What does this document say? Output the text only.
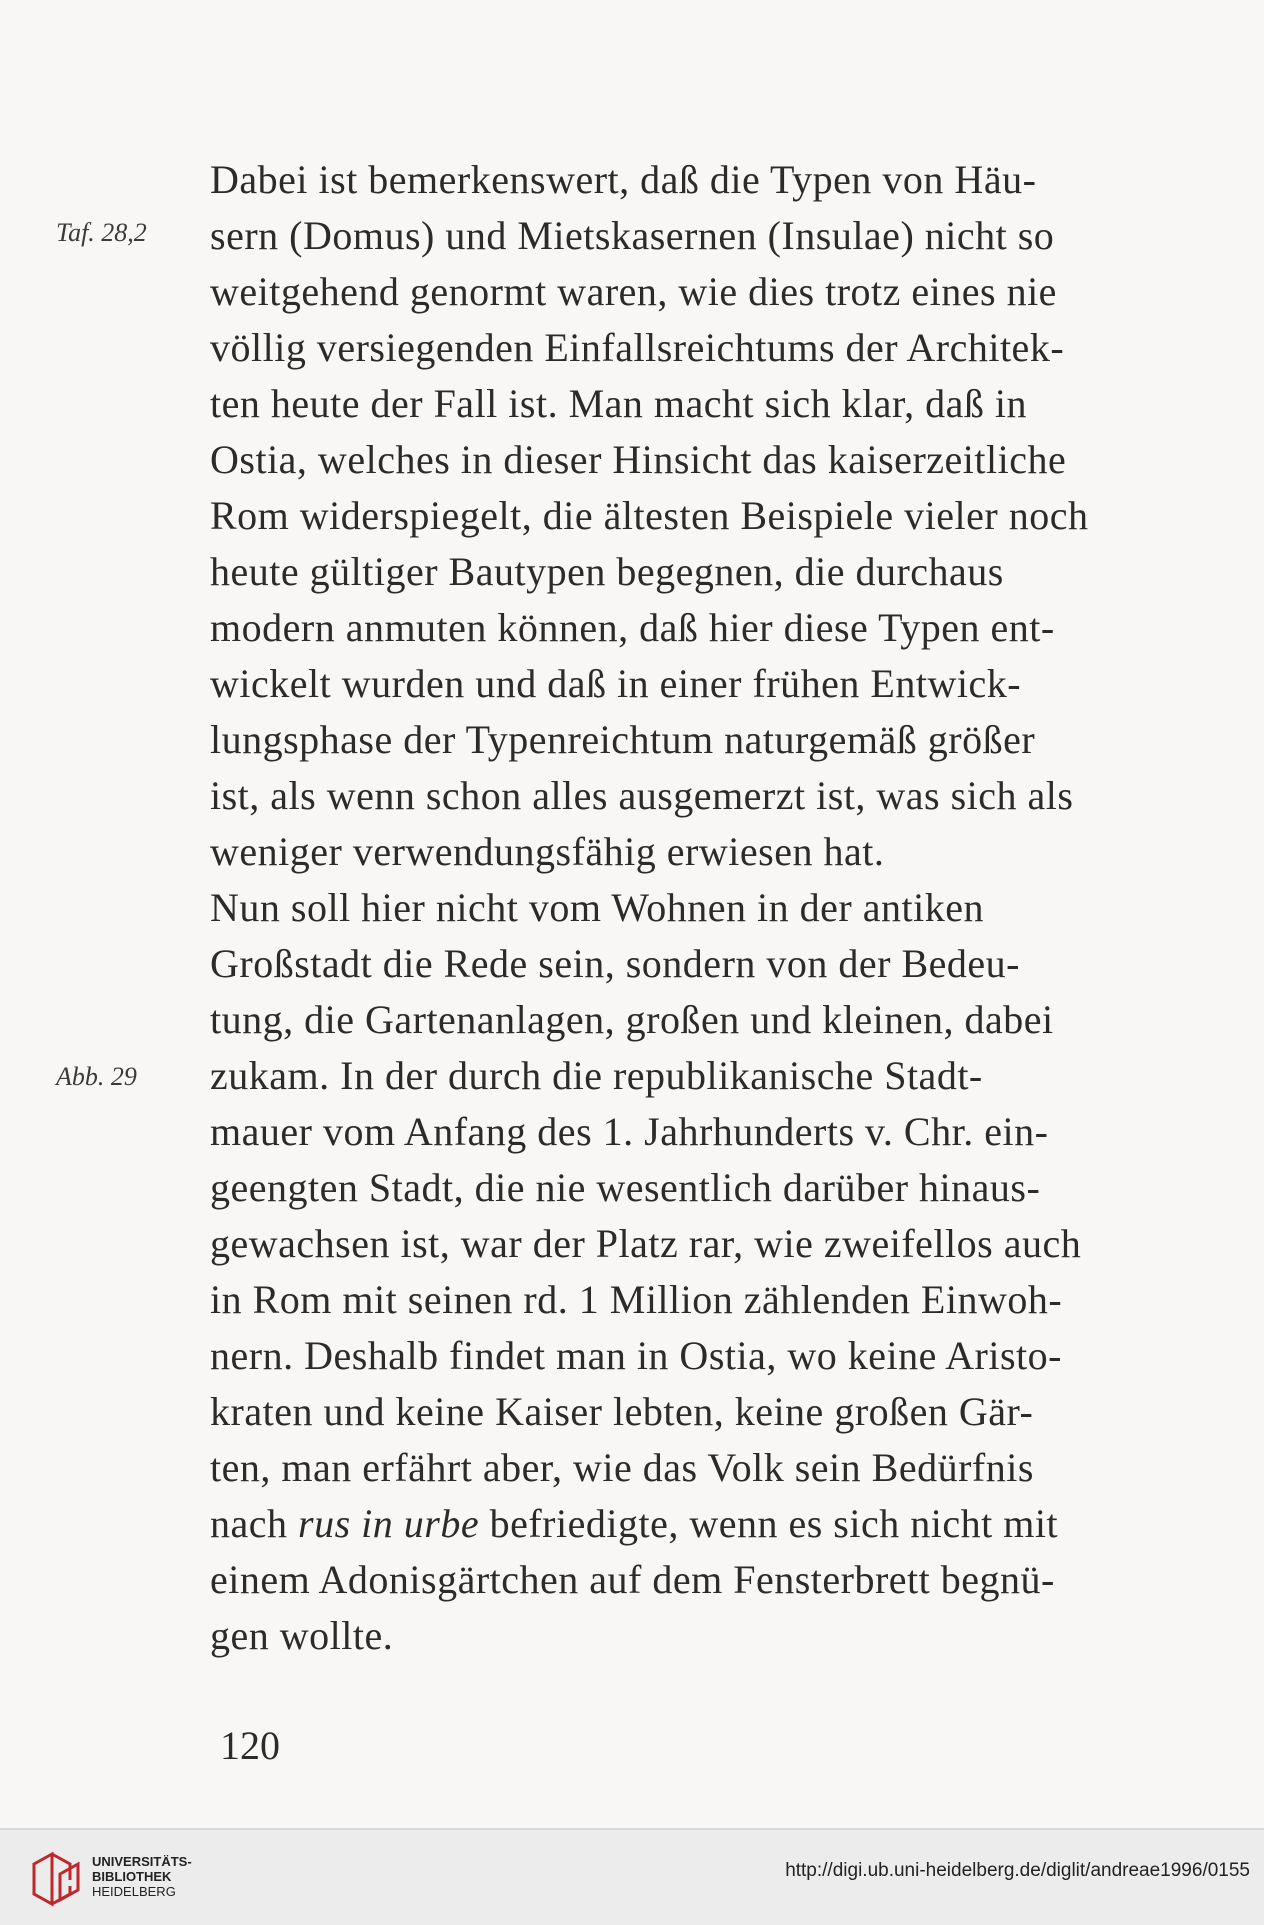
Taf. 28,2
Abb. 29
Dabei ist bemerkenswert, daß die Typen von Häu-
sern (Domus) und Mietskasernen (Insulae) nicht so
weitgehend genormt waren, wie dies trotz eines nie
völlig versiegenden Einfallsreichtums der Architek-
ten heute der Fall ist. Man macht sich klar, daß in
Ostia, welches in dieser Hinsicht das kaiserzeitliche
Rom widerspiegelt, die ältesten Beispiele vieler noch
heute gültiger Bautypen begegnen, die durchaus
modern anmuten können, daß hier diese Typen ent-
wickelt wurden und daß in einer frühen Entwick-
lungsphase der Typenreichtum naturgemäß größer
ist, als wenn schon alles ausgemerzt ist, was sich als
weniger verwendungsfähig erwiesen hat.
Nun soll hier nicht vom Wohnen in der antiken
Großstadt die Rede sein, sondern von der Bedeu-
tung, die Gartenanlagen, großen und kleinen, dabei
zukam. In der durch die republikanische Stadt-
mauer vom Anfang des 1. Jahrhunderts v. Chr. ein-
geengten Stadt, die nie wesentlich darüber hinaus-
gewachsen ist, war der Platz rar, wie zweifellos auch
in Rom mit seinen rd. 1 Million zählenden Einwoh-
nern. Deshalb findet man in Ostia, wo keine Aristo-
kraten und keine Kaiser lebten, keine großen Gär-
ten, man erfährt aber, wie das Volk sein Bedürfnis
nach rus in urbe befriedigte, wenn es sich nicht mit
einem Adonisgärtchen auf dem Fensterbrett begnü-
gen wollte.
120
UNIVERSITÄTS-
BIBLIOTHEK
HEIDELBERG
http://digi.ub.uni-heidelberg.de/diglit/andreae1996/0155
